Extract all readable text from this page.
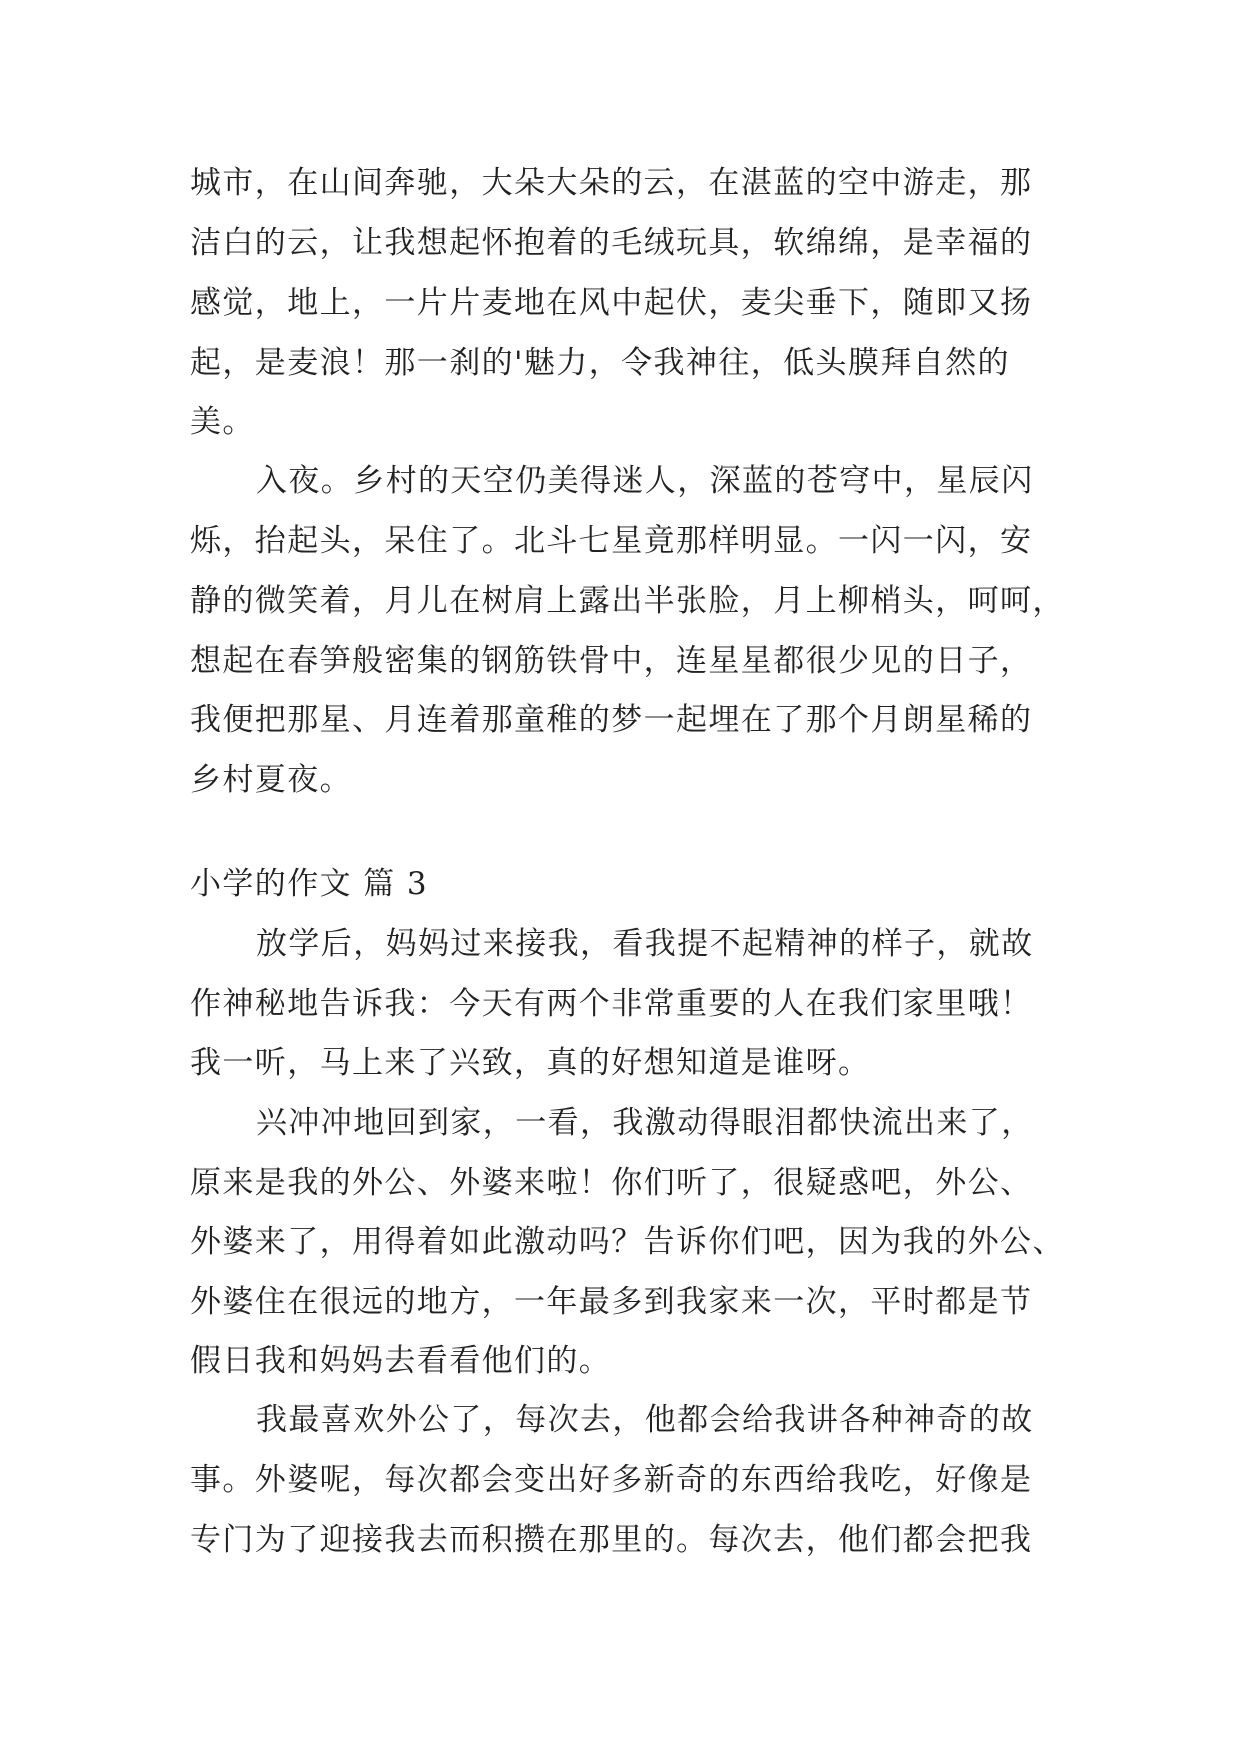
城市，在山间奔驰，大朵大朵的云，在湛蓝的空中游走，那
洁白的云，让我想起怀抱着的毛绒玩具，软绵绵，是幸福的
感觉，地上，一片片麦地在风中起伏，麦尖垂下，随即又扬
起，是麦浪！那一刹的'魅力，令我神往，低头膜拜自然的
美。
入夜。乡村的天空仍美得迷人，深蓝的苍穹中，星辰闪
烁，抬起头，呆住了。北斗七星竟那样明显。一闪一闪，安
静的微笑着，月儿在树肩上露出半张脸，月上柳梢头，呵呵，
想起在春笋般密集的钢筋铁骨中，连星星都很少见的日子，
我便把那星、月连着那童稚的梦一起埋在了那个月朗星稀的
乡村夏夜。
小学的作文 篇 3
放学后，妈妈过来接我，看我提不起精神的样子，就故
作神秘地告诉我：今天有两个非常重要的人在我们家里哦！
我一听，马上来了兴致，真的好想知道是谁呀。
兴冲冲地回到家，一看，我激动得眼泪都快流出来了，
原来是我的外公、外婆来啦！你们听了，很疑惑吧，外公、
外婆来了，用得着如此激动吗？告诉你们吧，因为我的外公、
外婆住在很远的地方，一年最多到我家来一次，平时都是节
假日我和妈妈去看看他们的。
我最喜欢外公了，每次去，他都会给我讲各种神奇的故
事。外婆呢，每次都会变出好多新奇的东西给我吃，好像是
专门为了迎接我去而积攒在那里的。每次去，他们都会把我
